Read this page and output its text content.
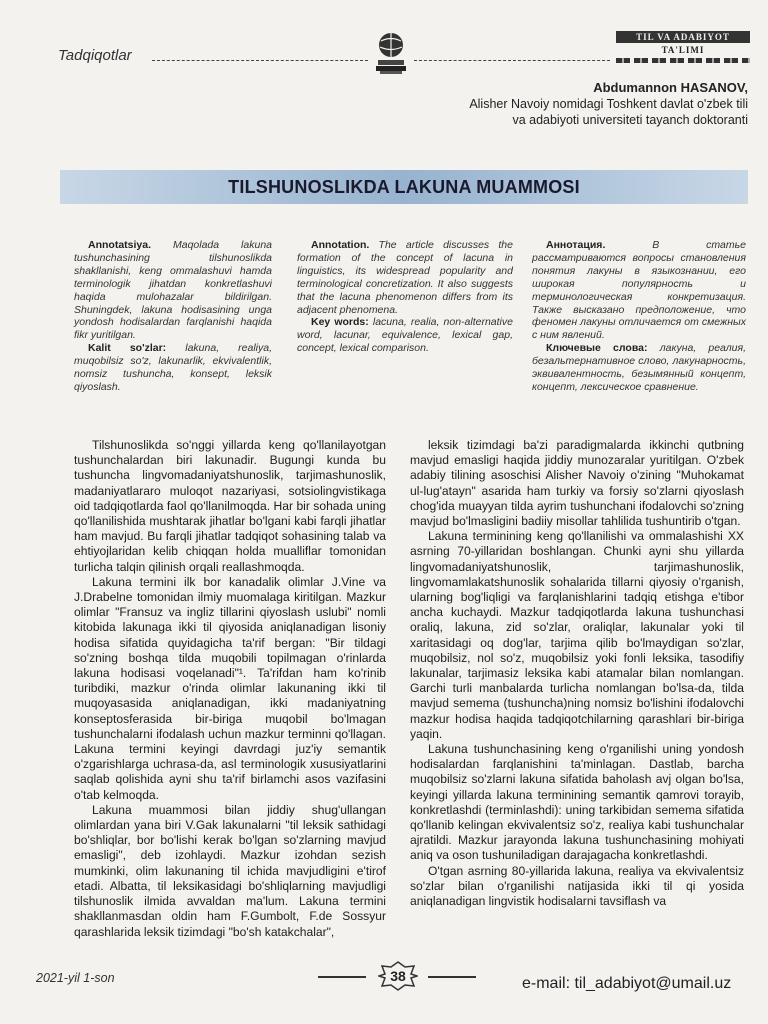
Tadqiqotlar
TIL VA ADABIYOT
TA'LIMI
Abdumannon HASANOV,
Alisher Navoiy nomidagi Toshkent davlat o'zbek tili
va adabiyoti universiteti tayanch doktoranti
TILSHUNOSLIKDA LAKUNA MUAMMOSI

Annotatsiya. Maqolada lakuna tushunchasining tilshunoslikda shakllanishi, keng ommalashuvi hamda terminologik jihatdan konkretlashuvi haqida mulohazalar bildirilgan. Shuningdek, lakuna hodisasining unga yondosh hodisalardan farqlanishi haqida fikr yuritilgan.

Kalit so'zlar: lakuna, realiya, muqobilsiz so'z, lakunarlik, ekvivalentlik, nomsiz tushuncha, konsept, leksik qiyoslash.

Annotation. The article discusses the formation of the concept of lacuna in linguistics, its widespread popularity and terminological concretization. It also suggests that the lacuna phenomenon differs from its adjacent phenomena.

Key words: lacuna, realia, non-alternative word, lacunar, equivalence, lexical gap, concept, lexical comparison.

Аннотация.	В статье рассматриваются вопросы становления понятия лакуны в языкознании, его широкая популярность и терминологическая конкретизация. Также высказано предположение, что феномен лакуны отличается от смежных с ним явлений.

Ключевые слова: лакуна, реалия, безальтернативное слово, лакунарность, эквивалентность, безымянный концепт, концепт, лексическое сравнение.

Tilshunoslikda so'nggi yillarda keng qo'llanilayotgan tushunchalardan biri lakunadir. Bugungi kunda bu tushuncha lingvomadaniyatshunoslik, tarjimashunoslik, madaniyatlararo muloqot nazariyasi, sotsiolingvistikaga oid tadqiqotlarda faol qo'llanilmoqda. Har bir sohada uning qo'llanilishida mushtarak jihatlar bo'lgani kabi farqli jihatlar ham mavjud. Bu farqli jihatlar tadqiqot sohasining talab va ehtiyojlaridan kelib chiqqan holda mualliflar tomonidan turlicha talqin qilinish orqali reallashmoqda.

Lakuna termini ilk bor kanadalik olimlar J.Vine va J.Drabelne tomonidan ilmiy muomalaga kiritilgan. Mazkur olimlar "Fransuz va ingliz tillarini qiyoslash uslubi" nomli kitobida lakunaga ikki til qiyosida aniqlanadigan lisoniy hodisa sifatida quyidagicha ta'rif bergan: "Bir tildagi so'zning boshqa tilda muqobili topilmagan o'rinlarda lakuna hodisasi voqelanadi"¹. Ta'rifdan ham ko'rinib turibdiki, mazkur o'rinda olimlar lakunaning ikki til muqoyasasida aniqlanadigan, ikki madaniyatning konseptosferasida bir-biriga muqobil bo'lmagan tushunchalarni ifodalash uchun mazkur terminni qo'llagan. Lakuna termini keyingi davrdagi juz'iy semantik o'zgarishlarga uchrasa-da, asl terminologik xususiyatlarini saqlab qolishida ayni shu ta'rif birlamchi asos vazifasini o'tab kelmoqda.

Lakuna muammosi bilan jiddiy shug'ullangan olimlardan yana biri V.Gak lakunalarni "til leksik sathidagi bo'shliqlar, bor bo'lishi kerak bo'lgan so'zlarning mavjud emasligi", deb izohlaydi. Mazkur izohdan sezish mumkinki, olim lakunaning til ichida mavjudligini e'tirof etadi. Albatta, til leksikasidagi bo'shliqlarning mavjudligi tilshunoslik ilmida avvaldan ma'lum. Lakuna termini shakllanmasdan oldin ham F.Gumbolt, F.de Sossyur qarashlarida leksik tizimdagi "bo'sh katakchalar",

leksik tizimdagi ba'zi paradigmalarda ikkinchi qutbning mavjud emasligi haqida jiddiy munozaralar yuritilgan. O'zbek adabiy tilining asoschisi Alisher Navoiy o'zining "Muhokamat ul-lug'atayn" asarida ham turkiy va forsiy so'zlarni qiyoslash chog'ida muayyan tilda ayrim tushunchani ifodalovchi so'zning mavjud bo'lmasligini badiiy misollar tahlilida tushuntirib o'tgan.

Lakuna terminining keng qo'llanilishi va ommalashishi XX asrning 70-yillaridan boshlangan. Chunki ayni shu yillarda lingvomadaniyatshunoslik, tarjimashunoslik, lingvomamlakatshunoslik sohalarida tillarni qiyosiy o'rganish, ularning bog'liqligi va farqlanishlarini tadqiq etishga e'tibor ancha kuchaydi. Mazkur tadqiqotlarda lakuna tushunchasi oraliq, lakuna, zid so'zlar, oraliqlar, lakunalar yoki til xaritasidagi oq dog'lar, tarjima qilib bo'lmaydigan so'zlar, muqobilsiz, nol so'z, muqobilsiz yoki fonli leksika, tasodifiy lakunalar, tarjimasiz leksika kabi atamalar bilan nomlangan. Garchi turli manbalarda turlicha nomlangan bo'lsa-da, tilda mavjud sememа (tushuncha)ning nomsiz bo'lishini ifodalovchi mazkur hodisa haqida tadqiqotchilarning qarashlari bir-biriga yaqin.

Lakuna tushunchasining keng o'rganilishi uning yondosh hodisalardan farqlanishini ta'minlagan. Dastlab, barcha muqobilsiz so'zlarni lakuna sifatida baholash avj olgan bo'lsa, keyingi yillarda lakuna terminining semantik qamrovi torayib, konkretlashdi (terminlashdi): uning tarkibidan sememа sifatida qo'llanib kelingan ekvivalentsiz so'z, realiya kabi tushunchalar ajratildi. Mazkur jarayonda lakuna tushunchasining mohiyati aniq va oson tushuniladigan darajagacha konkretlashdi.

O'tgan asrning 80-yillarida lakuna, realiya va ekvivalentsiz so'zlar bilan o'rganilishi natijasida ikki til qi yosida aniqlanadigan lingvistik hodisalarni tavsiflash va

2021-yil 1-son	38	e-mail: til_adabiyot@umail.uz
